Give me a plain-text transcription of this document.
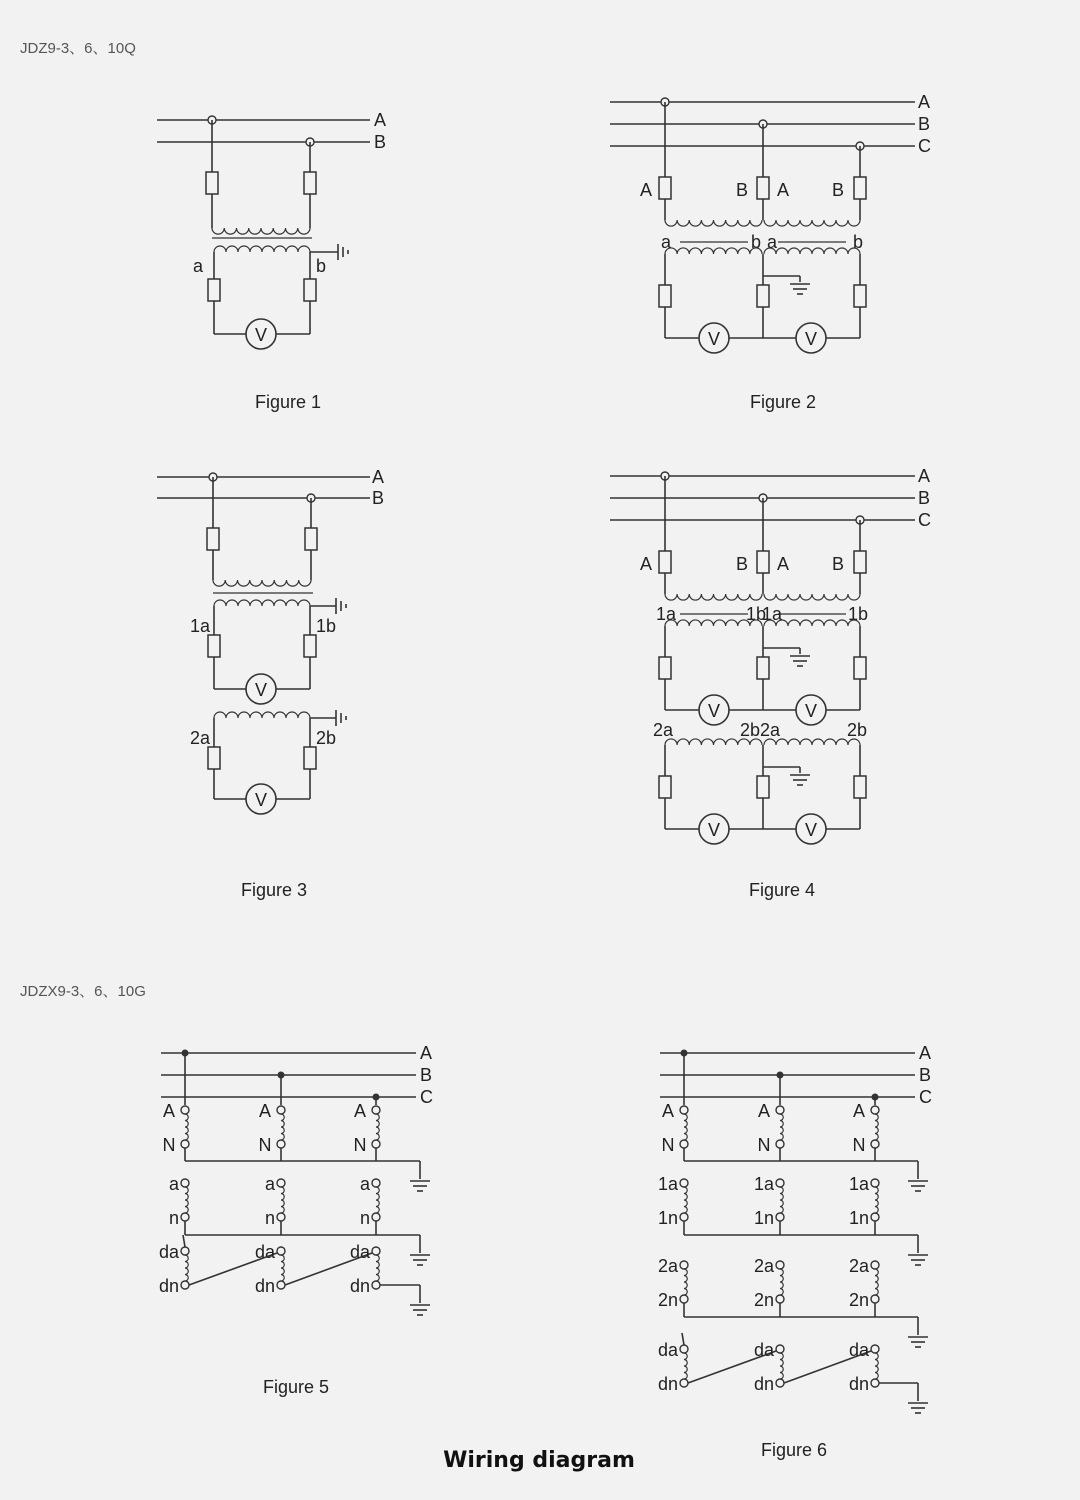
JDZ9-3、6、10Q
JDZX9-3、6、10G
A
B
V
a	b
A
B
C
A	B A B
a	b a	b
V	V
A
B
V
1a	1b
V
2a	2b
A
B
C
A	B A B
1a	1b
1a	1b
V	V
V	V
2a	2b 2a	2b
A
B
C
A
N
A
N
A
N
a
n
a
n
a
n
da
dn
da
dn
da
dn
A
B
C
A
N
A
N
A
N
1a
1n
1a
1n
1a
1n
2a
2n
2a
2n
2a
2n
da
dn
da
dn
da
dn
Figure 1	Figure 2
Figure 3	Figure 4
Figure 5
Figure 6
Wiring diagram
